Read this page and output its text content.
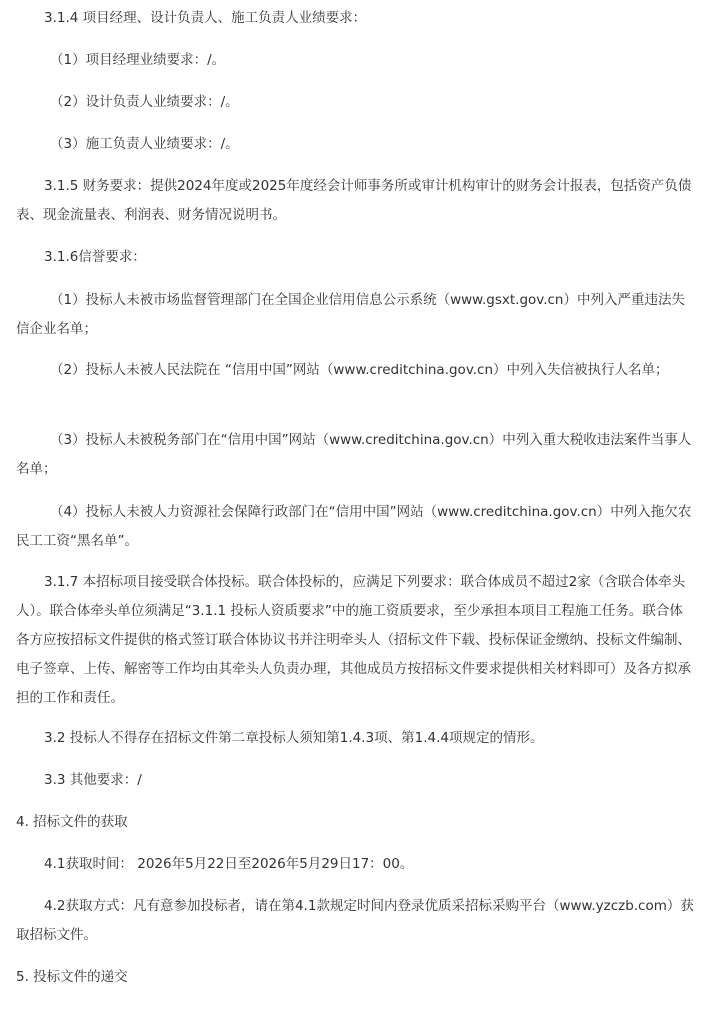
3.1.4 项目经理、设计负责人、施工负责人业绩要求：

（1）项目经理业绩要求：/。

（2）设计负责人业绩要求：/。

（3）施工负责人业绩要求：/。

3.1.5 财务要求：提供2024年度或2025年度经会计师事务所或审计机构审计的财务会计报表，包括资产负债表、现金流量表、利润表、财务情况说明书。

3.1.6信誉要求：

（1）投标人未被市场监督管理部门在全国企业信用信息公示系统（www.gsxt.gov.cn）中列入严重违法失信企业名单；

（2）投标人未被人民法院在 “信用中国”网站（www.creditchina.gov.cn）中列入失信被执行人名单；

（3）投标人未被税务部门在“信用中国”网站（www.creditchina.gov.cn）中列入重大税收违法案件当事人名单；

（4）投标人未被人力资源社会保障行政部门在“信用中国”网站（www.creditchina.gov.cn）中列入拖欠农民工工资“黑名单”。

3.1.7 本招标项目接受联合体投标。联合体投标的，应满足下列要求：联合体成员不超过2家（含联合体牵头人）。联合体牵头单位须满足“3.1.1 投标人资质要求”中的施工资质要求，至少承担本项目工程施工任务。联合体各方应按招标文件提供的格式签订联合体协议书并注明牵头人（招标文件下载、投标保证金缴纳、投标文件编制、电子签章、上传、解密等工作均由其牵头人负责办理，其他成员方按招标文件要求提供相关材料即可）及各方拟承担的工作和责任。

3.2 投标人不得存在招标文件第二章投标人须知第1.4.3项、第1.4.4项规定的情形。

3.3 其他要求：/

4. 招标文件的获取

4.1获取时间： 2026年5月22日至2026年5月29日17：00。

4.2获取方式：凡有意参加投标者，请在第4.1款规定时间内登录优质采招标采购平台（www.yzczb.com）获取招标文件。

5. 投标文件的递交
